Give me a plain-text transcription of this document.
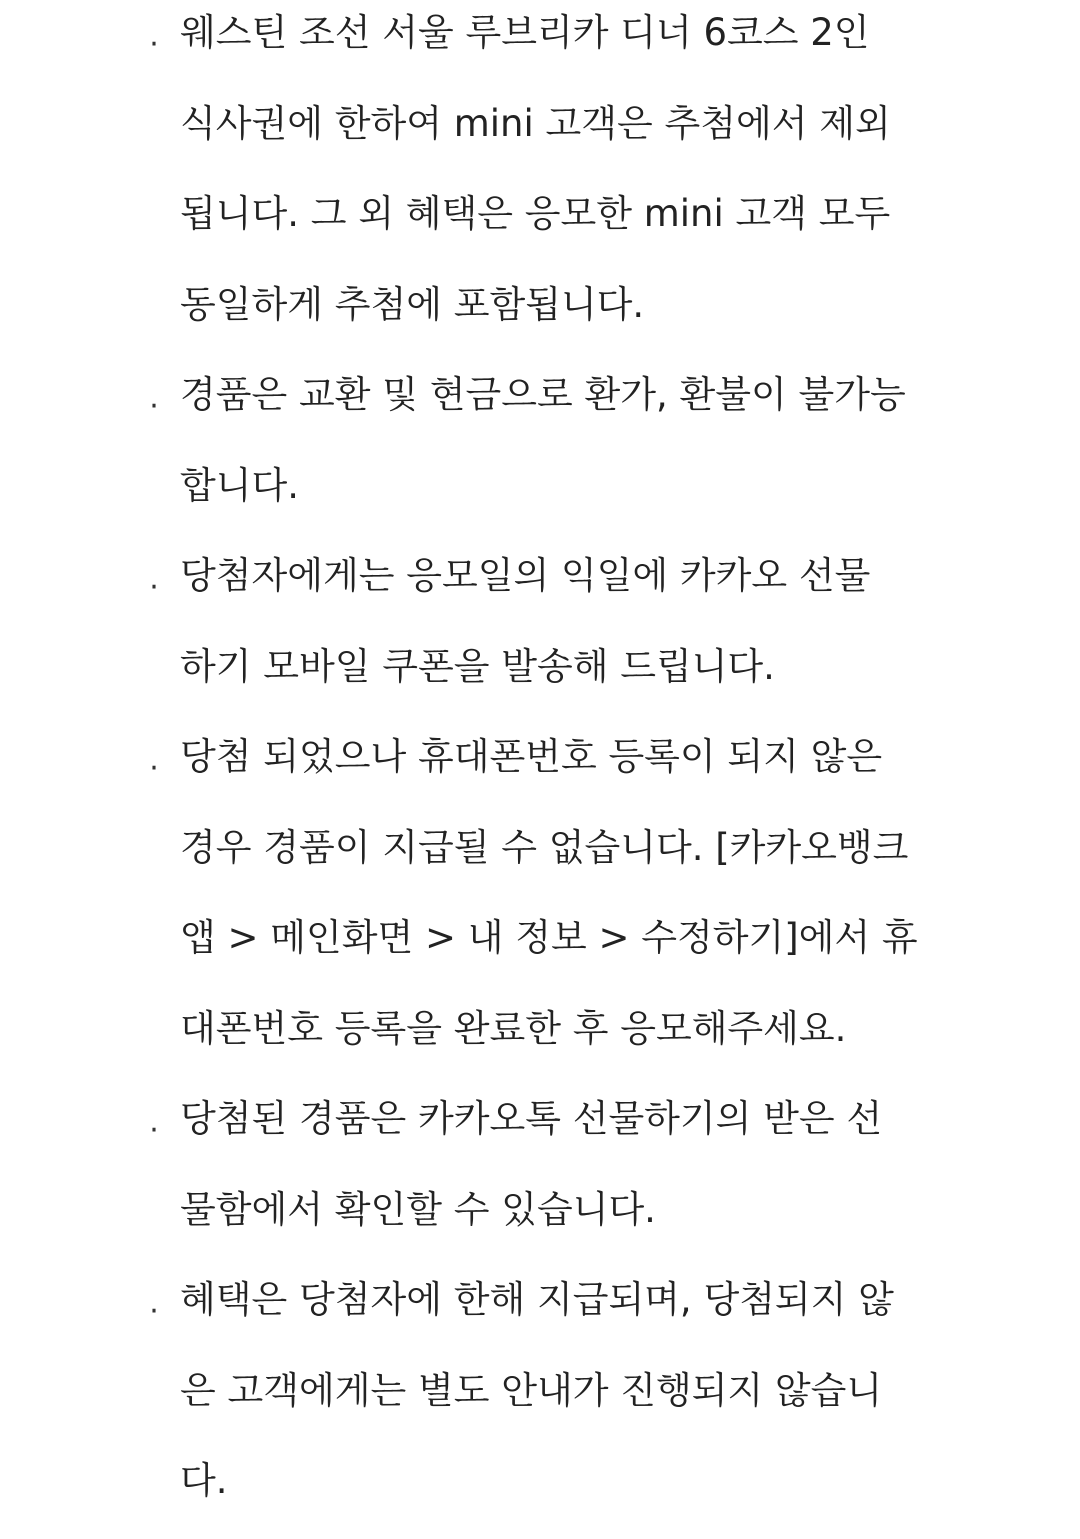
· 웨스틴 조선 서울 루브리카 디너 6코스 2인
식사권에 한하여 mini 고객은 추첨에서 제외
됩니다. 그 외 혜택은 응모한 mini 고객 모두
동일하게 추첨에 포함됩니다.
· 경품은 교환 및 현금으로 환가, 환불이 불가능
합니다.
· 당첨자에게는 응모일의 익일에 카카오 선물
하기 모바일 쿠폰을 발송해 드립니다.
· 당첨 되었으나 휴대폰번호 등록이 되지 않은
경우 경품이 지급될 수 없습니다. [카카오뱅크
앱 > 메인화면 > 내 정보 > 수정하기]에서 휴
대폰번호 등록을 완료한 후 응모해주세요.
· 당첨된 경품은 카카오톡 선물하기의 받은 선
물함에서 확인할 수 있습니다.
· 혜택은 당첨자에 한해 지급되며, 당첨되지 않
은 고객에게는 별도 안내가 진행되지 않습니
다.
